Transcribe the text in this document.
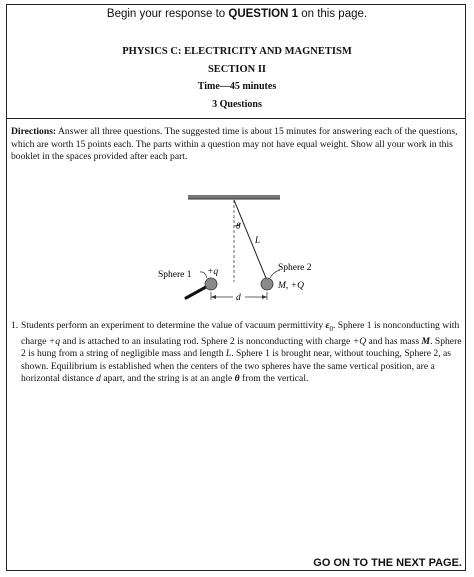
Begin your response to QUESTION 1 on this page.
PHYSICS C: ELECTRICITY AND MAGNETISM
SECTION II
Time—45 minutes
3 Questions
Directions: Answer all three questions. The suggested time is about 15 minutes for answering each of the questions, which are worth 15 points each. The parts within a question may not have equal weight. Show all your work in this booklet in the spaces provided after each part.
θ
L
Sphere 2
M, +Q
Sphere 1 +q
d
1. Students perform an experiment to determine the value of vacuum permittivity $\varepsilon_0$. Sphere 1 is nonconducting with charge +q and is attached to an insulating rod. Sphere 2 is nonconducting with charge +Q and has mass M. Sphere 2 is hung from a string of negligible mass and length L. Sphere 1 is brought near, without touching, Sphere 2, as shown. Equilibrium is established when the centers of the two spheres have the same vertical position, are a horizontal distance d apart, and the string is at an angle θ from the vertical.
GO ON TO THE NEXT PAGE.
